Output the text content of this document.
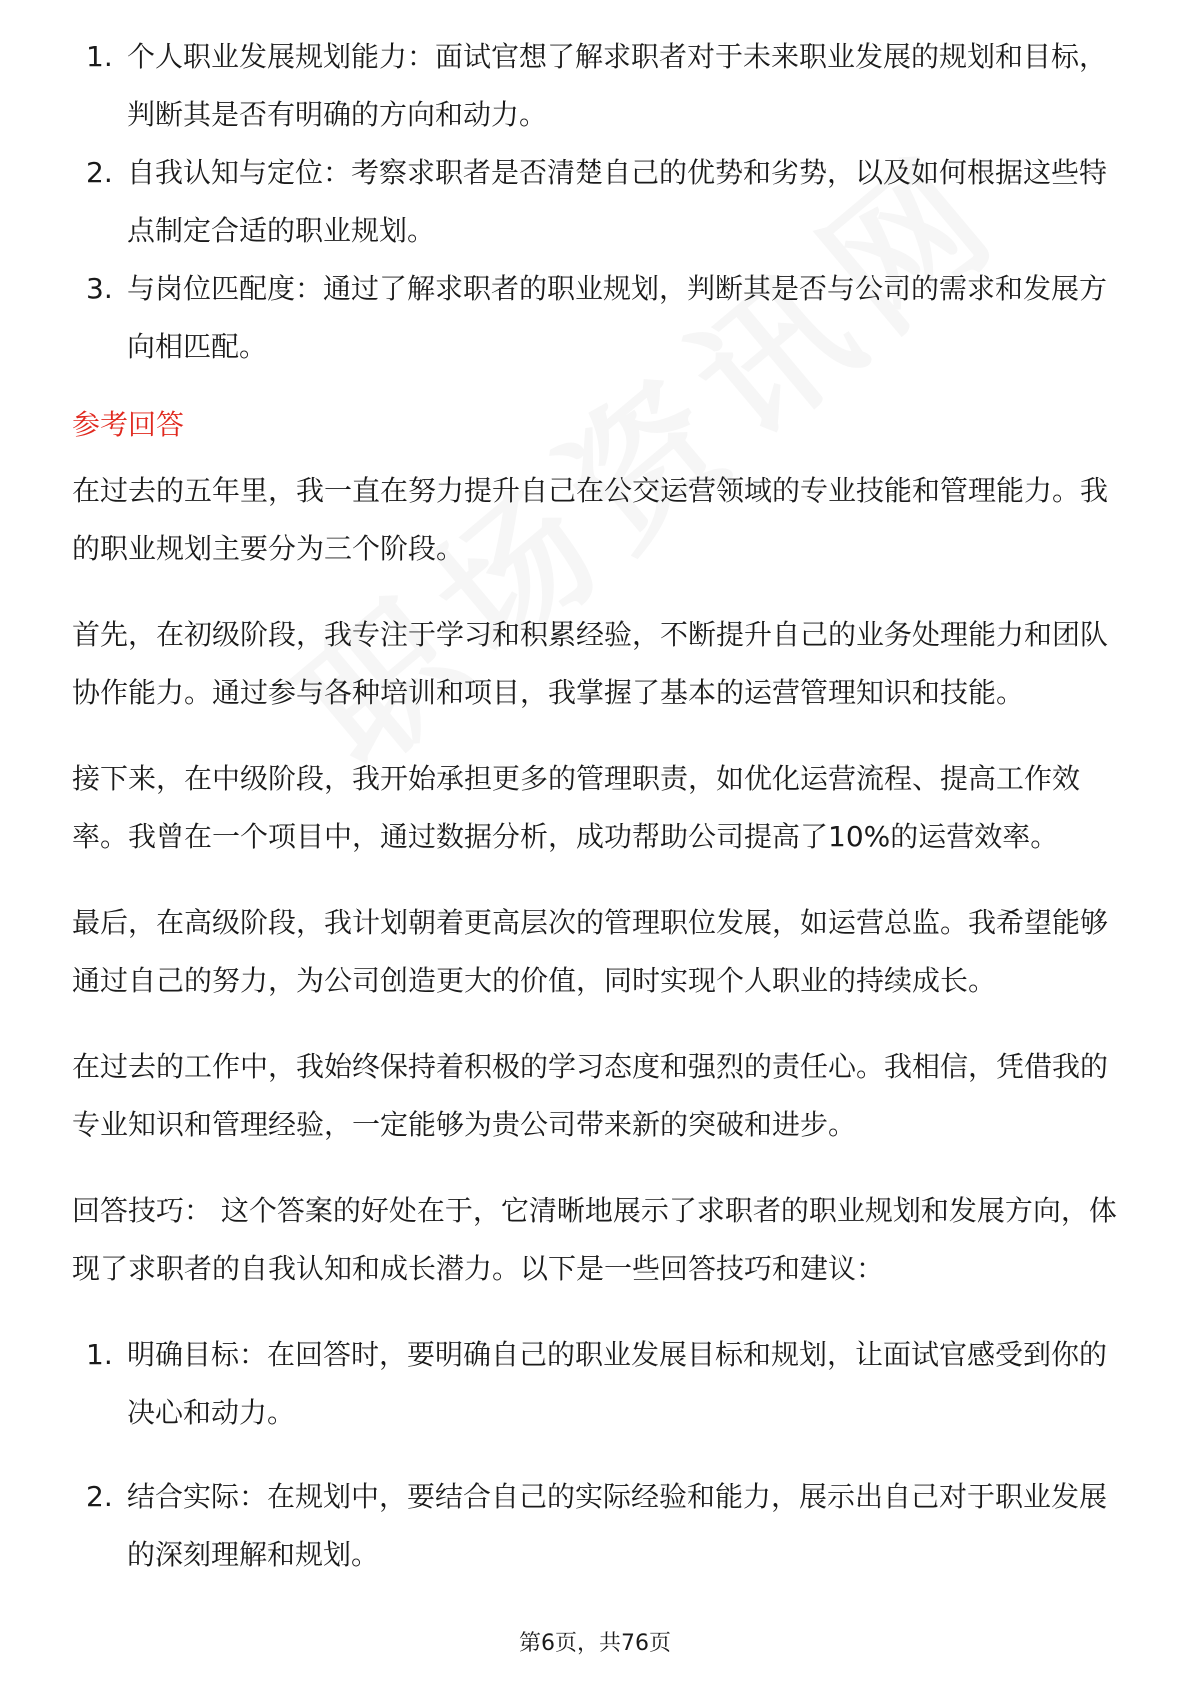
1. 个人职业发展规划能力：面试官想了解求职者对于未来职业发展的规划和目标，判断其是否有明确的方向和动力。
2. 自我认知与定位：考察求职者是否清楚自己的优势和劣势，以及如何根据这些特点制定合适的职业规划。
3. 与岗位匹配度：通过了解求职者的职业规划，判断其是否与公司的需求和发展方向相匹配。
参考回答

在过去的五年里，我一直在努力提升自己在公交运营领域的专业技能和管理能力。我的职业规划主要分为三个阶段。

首先，在初级阶段，我专注于学习和积累经验，不断提升自己的业务处理能力和团队协作能力。通过参与各种培训和项目，我掌握了基本的运营管理知识和技能。

接下来，在中级阶段，我开始承担更多的管理职责，如优化运营流程、提高工作效率。我曾在一个项目中，通过数据分析，成功帮助公司提高了10%的运营效率。

最后，在高级阶段，我计划朝着更高层次的管理职位发展，如运营总监。我希望能够通过自己的努力，为公司创造更大的价值，同时实现个人职业的持续成长。

在过去的工作中，我始终保持着积极的学习态度和强烈的责任心。我相信，凭借我的专业知识和管理经验，一定能够为贵公司带来新的突破和进步。

回答技巧： 这个答案的好处在于，它清晰地展示了求职者的职业规划和发展方向，体现了求职者的自我认知和成长潜力。以下是一些回答技巧和建议：

1. 明确目标：在回答时，要明确自己的职业发展目标和规划，让面试官感受到你的决心和动力。
2. 结合实际：在规划中，要结合自己的实际经验和能力，展示出自己对于职业发展的深刻理解和规划。
第6页，共76页
